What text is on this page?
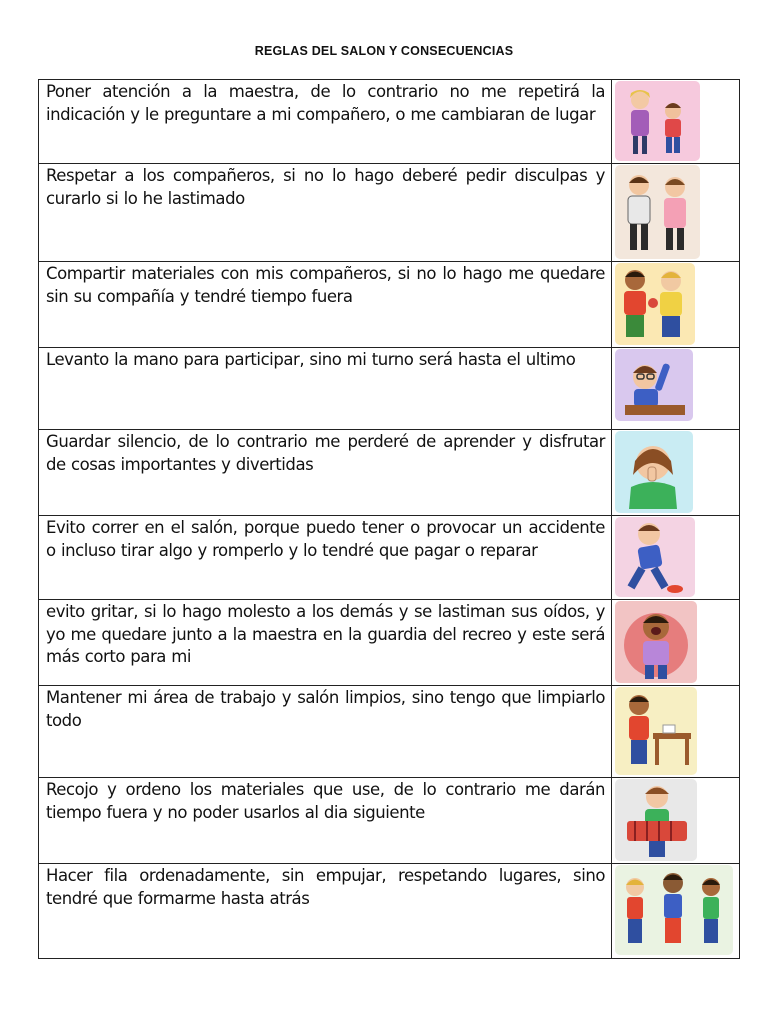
REGLAS DEL SALON Y CONSECUENCIAS
Poner atención a la maestra, de lo contrario no me repetirá la indicación y le preguntare a mi compañero, o me cambiaran de lugar

Respetar a los compañeros, si no lo hago deberé pedir disculpas y curarlo si lo he lastimado

Compartir materiales con mis compañeros, si no lo hago me quedare sin su compañía y tendré tiempo fuera

Levanto la mano para participar, sino mi turno será hasta el ultimo

Guardar silencio, de lo contrario me perderé de aprender y disfrutar de cosas importantes y divertidas

Evito correr en el salón, porque puedo tener o provocar un accidente o incluso tirar algo y romperlo y lo tendré que pagar o reparar

evito gritar, si lo hago molesto a los demás y se lastiman sus oídos, y yo me quedare junto a la maestra en la guardia del recreo y este será más corto para mi

Mantener mi área de trabajo y salón limpios, sino tengo que limpiarlo todo

Recojo y ordeno los materiales que use, de lo contrario me darán tiempo fuera y no poder usarlos al dia siguiente

Hacer fila ordenadamente, sin empujar, respetando lugares, sino tendré que formarme hasta atrás
